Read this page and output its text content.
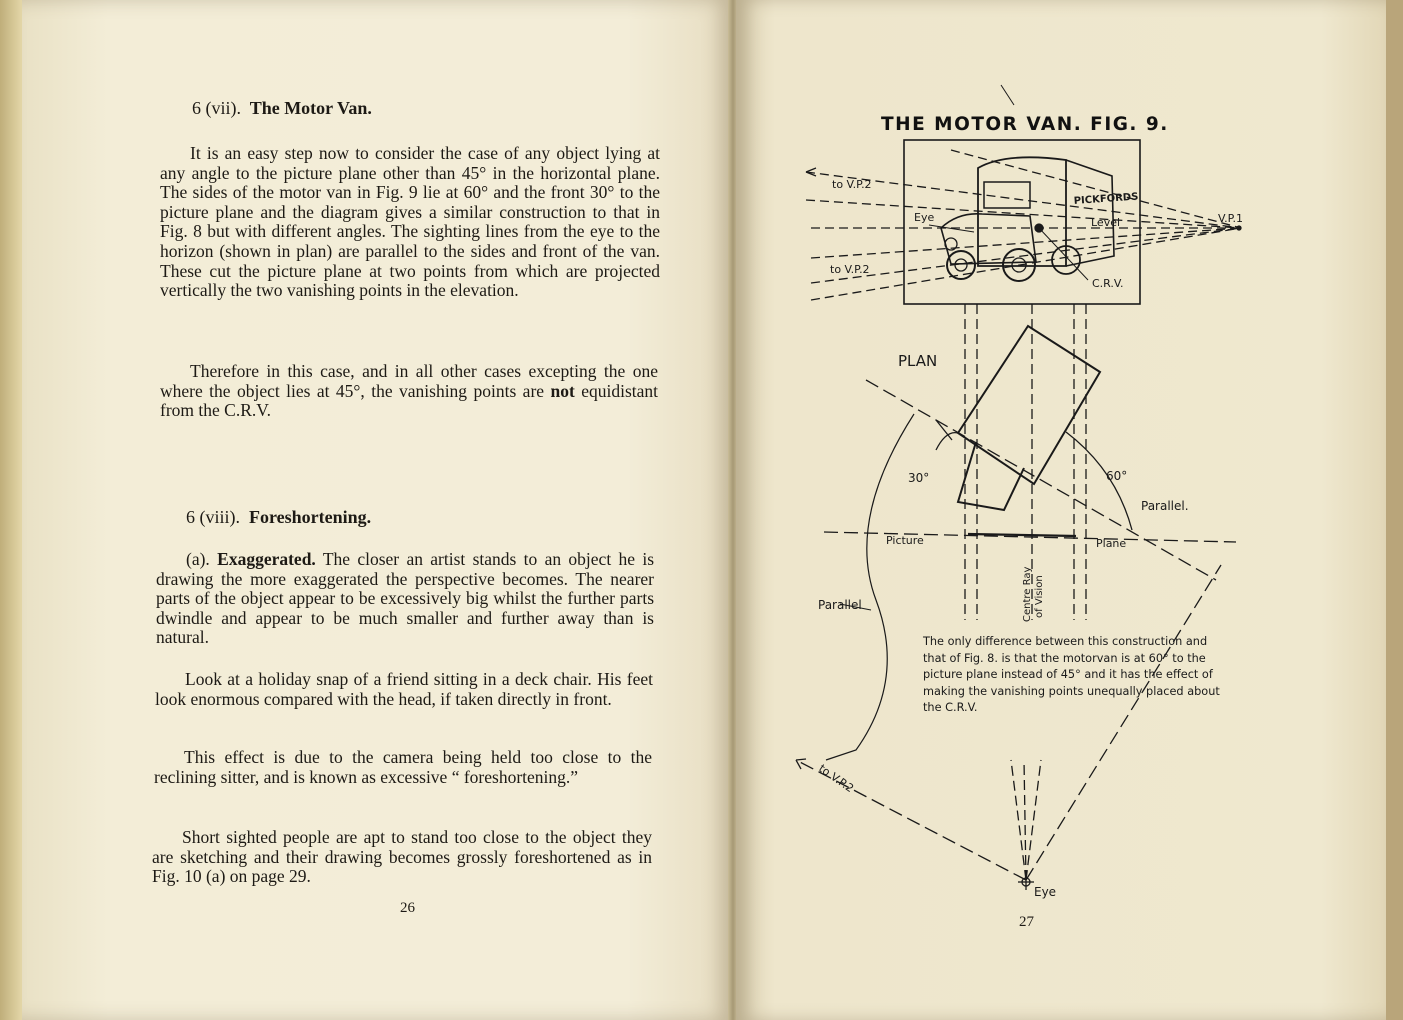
6 (vii). The Motor Van.

It is an easy step now to consider the case of any object lying at any angle to the picture plane other than 45° in the horizontal plane. The sides of the motor van in Fig. 9 lie at 60° and the front 30° to the picture plane and the diagram gives a similar construction to that in Fig. 8 but with different angles. The sighting lines from the eye to the horizon (shown in plan) are parallel to the sides and front of the van. These cut the picture plane at two points from which are projected vertically the two vanishing points in the elevation.

Therefore in this case, and in all other cases excepting the one where the object lies at 45°, the vanishing points are not equidistant from the C.R.V.

6 (viii). Foreshortening.

(a). Exaggerated. The closer an artist stands to an object he is drawing the more exaggerated the perspective becomes. The nearer parts of the object appear to be excessively big whilst the further parts dwindle and appear to be much smaller and further away than is natural.

Look at a holiday snap of a friend sitting in a deck chair. His feet look enormous compared with the head, if taken directly in front.

This effect is due to the camera being held too close to the reclining sitter, and is known as excessive “ foreshortening.”

Short sighted people are apt to stand too close to the object they are sketching and their drawing becomes grossly foreshortened as in Fig. 10 (a) on page 29.

26
THE MOTOR VAN. FIG. 9.
to V.P.2
to V.P.2
V.P.1
Eye	Level
C.R.V.
PICKFORDS
PLAN
30°	60°
Parallel.
Picture	Plane
Centre Ray of Vision
Parallel
to V.P.2
Eye
The only difference between this construction and that of Fig. 8. is that the motorvan is at 60° to the picture plane instead of 45° and it has the effect of making the vanishing points unequally placed about the C.R.V.
27
